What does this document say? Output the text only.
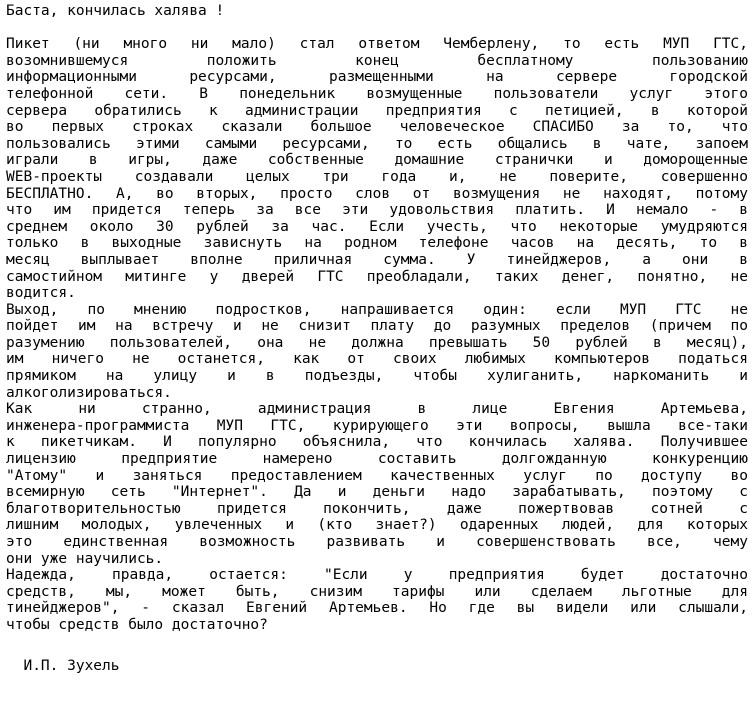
Баста, кончилась халява !
Пикет (ни много ни мало) стал ответом Чемберлену, то есть МУП ГТС,
возомнившемуся положить конец бесплатному пользованию
информационными ресурсами, размещенными на сервере городской
телефонной сети. В понедельник возмущенные пользователи услуг этого
сервера обратились к администрации предприятия с петицией, в которой
во первых строках сказали большое человеческое СПАСИБО за то, что
пользовались этими самыми ресурсами, то есть общались в чате, запоем
играли в игры, даже собственные домашние странички и доморощенные
WEB-проекты создавали целых три года и, не поверите, совершенно
БЕСПЛАТНО. А, во вторых, просто слов от возмущения не находят, потому
что им придется теперь за все эти удовольствия платить. И немало - в
среднем около 30 рублей за час. Если учесть, что некоторые умудряются
только в выходные зависнуть на родном телефоне часов на десять, то в
месяц выплывает вполне приличная сумма. У тинейджеров, а они в
самостийном митинге у дверей ГТС преобладали, таких денег, понятно, не
водится.
Выход, по мнению подростков, напрашивается один: если МУП ГТС не
пойдет им на встречу и не снизит плату до разумных пределов (причем по
разумению пользователей, она не должна превышать 50 рублей в месяц),
им ничего не останется, как от своих любимых компьютеров податься
прямиком на улицу и в подъезды, чтобы хулиганить, наркоманить и
алкоголизироваться.
Как ни странно, администрация в лице Евгения Артемьева,
инженера-программиста МУП ГТС, курирующего эти вопросы, вышла все-таки
к пикетчикам. И популярно объяснила, что кончилась халява. Получившее
лицензию предприятие намерено составить долгожданную конкуренцию
"Атому" и заняться предоставлением качественных услуг по доступу во
всемирную сеть "Интернет". Да и деньги надо зарабатывать, поэтому с
благотворительностью придется покончить, даже пожертвовав сотней с
лишним молодых, увлеченных и (кто знает?) одаренных людей, для которых
это единственная возможность развивать и совершенствовать все, чему
они уже научились.
Надежда, правда, остается: "Если у предприятия будет достаточно
средств, мы, может быть, снизим тарифы или сделаем льготные для
тинейджеров", - сказал Евгений Артемьев. Но где вы видели или слышали,
чтобы средств было достаточно?
И.П. Зухель
